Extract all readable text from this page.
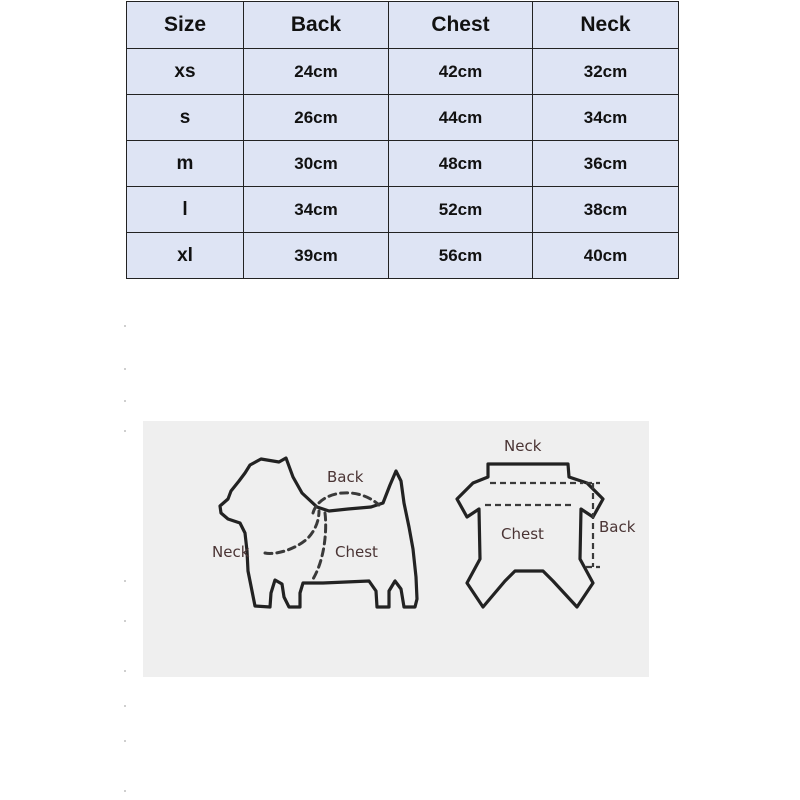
Size	Back	Chest	Neck
xs	24cm	42cm	32cm
s	26cm	44cm	34cm
m	30cm	48cm	36cm
l	34cm	52cm	38cm
xl	39cm	56cm	40cm
Back
Neck	Chest
Neck
Chest	Back
